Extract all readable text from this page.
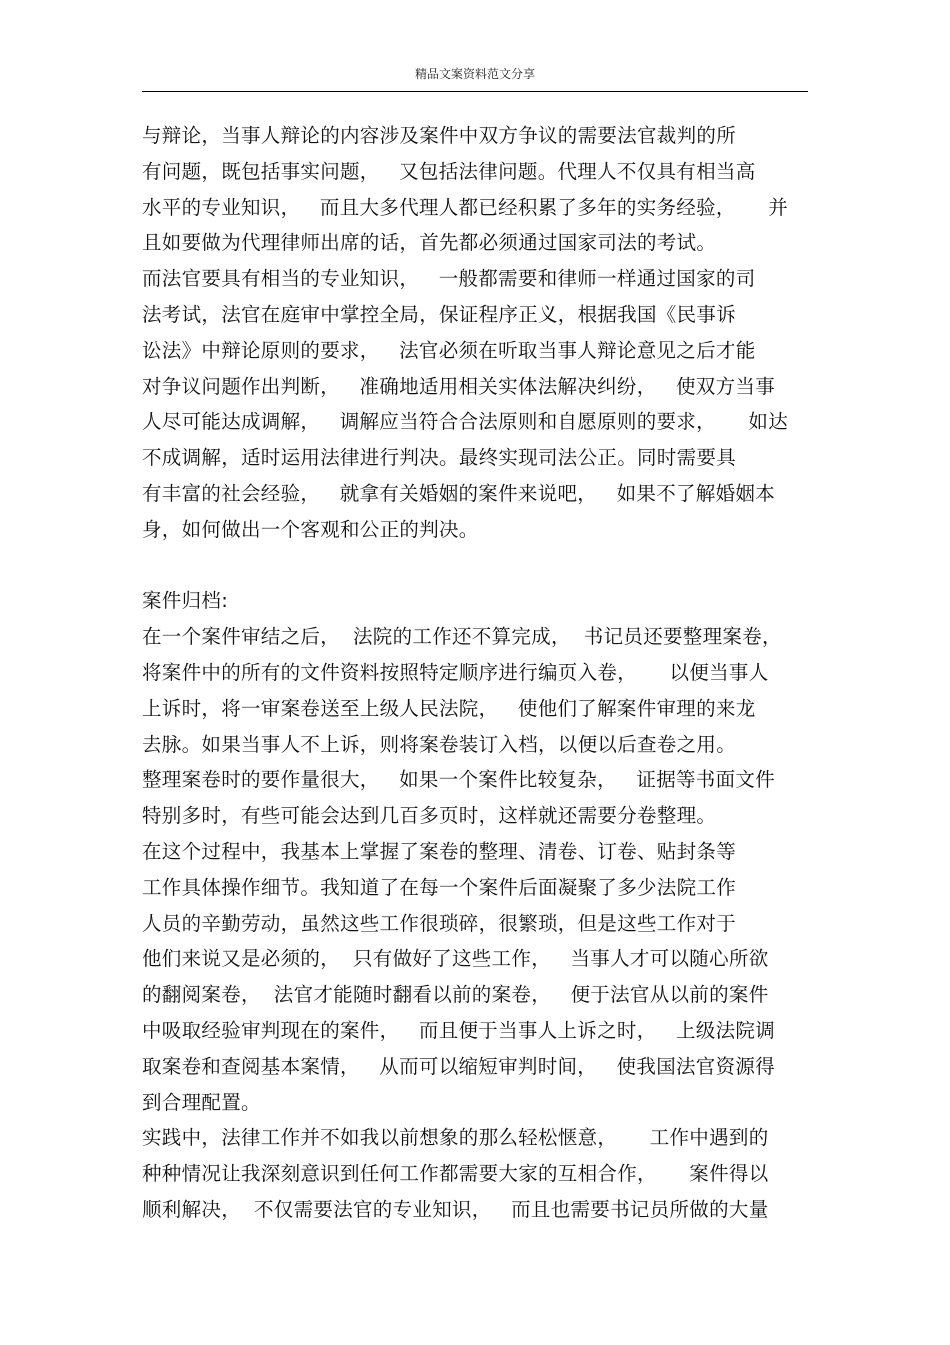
精品文案资料范文分享
与辩论，当事人辩论的内容涉及案件中双方争议的需要法官裁判的所
有问题，既包括事实问题，   又包括法律问题。代理人不仅具有相当高
水平的专业知识，   而且大多代理人都已经积累了多年的实务经验，     并
且如要做为代理律师出席的话，首先都必须通过国家司法的考试。
而法官要具有相当的专业知识，   一般都需要和律师一样通过国家的司
法考试，法官在庭审中掌控全局，保证程序正义，根据我国《民事诉
讼法》中辩论原则的要求，   法官必须在听取当事人辩论意见之后才能
对争议问题作出判断，   准确地适用相关实体法解决纠纷，   使双方当事
人尽可能达成调解，   调解应当符合合法原则和自愿原则的要求，     如达
不成调解，适时运用法律进行判决。最终实现司法公正。同时需要具
有丰富的社会经验，   就拿有关婚姻的案件来说吧，   如果不了解婚姻本
身，如何做出一个客观和公正的判决。
案件归档:
在一个案件审结之后，  法院的工作还不算完成，  书记员还要整理案卷，
将案件中的所有的文件资料按照特定顺序进行编页入卷，     以便当事人
上诉时，将一审案卷送至上级人民法院，   使他们了解案件审理的来龙
去脉。如果当事人不上诉，则将案卷装订入档，以便以后查卷之用。
整理案卷时的要作量很大，   如果一个案件比较复杂，   证据等书面文件
特别多时，有些可能会达到几百多页时，这样就还需要分卷整理。
在这个过程中，我基本上掌握了案卷的整理、清卷、订卷、贴封条等
工作具体操作细节。我知道了在每一个案件后面凝聚了多少法院工作
人员的辛勤劳动，虽然这些工作很琐碎，很繁琐，但是这些工作对于
他们来说又是必须的，  只有做好了这些工作，   当事人才可以随心所欲
的翻阅案卷，  法官才能随时翻看以前的案卷，   便于法官从以前的案件
中吸取经验审判现在的案件，   而且便于当事人上诉之时，   上级法院调
取案卷和查阅基本案情，   从而可以缩短审判时间，   使我国法官资源得
到合理配置。
实践中，法律工作并不如我以前想象的那么轻松惬意，     工作中遇到的
种种情况让我深刻意识到任何工作都需要大家的互相合作，     案件得以
顺利解决，  不仅需要法官的专业知识，   而且也需要书记员所做的大量
